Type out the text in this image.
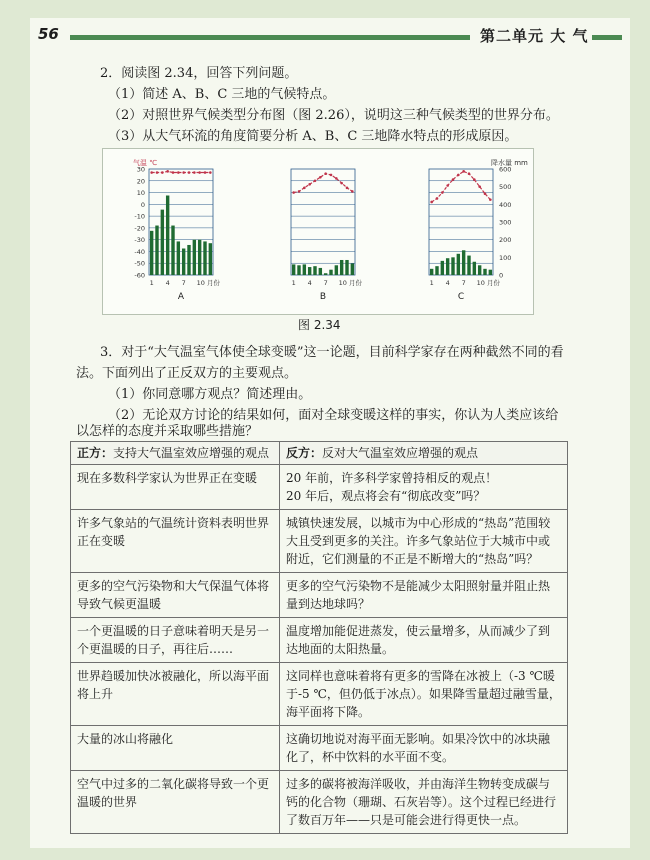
56	第二单元 大 气
2．阅读图 2.34，回答下列问题。
（1）简述 A、B、C 三地的气候特点。
（2）对照世界气候类型分布图（图 2.26），说明这三种气候类型的世界分布。
（3）从大气环流的角度简要分析 A、B、C 三地降水特点的形成原因。
气温 ℃	降水量 mm
30
20
10
0
-10
-20
-30
-40
-50
-60
600
500
400
300
200
100
0
1 4 7 10 月份
A
1 4 7 10 月份
B
1 4 7 10 月份
C
图 2.34
3．对于“大气温室气体使全球变暖”这一论题，目前科学家存在两种截然不同的看
法。下面列出了正反双方的主要观点。
（1）你同意哪方观点？简述理由。
（2）无论双方讨论的结果如何，面对全球变暖这样的事实，你认为人类应该给
以怎样的态度并采取哪些措施？
正方：支持大气温室效应增强的观点	反方：反对大气温室效应增强的观点
现在多数科学家认为世界正在变暖	20 年前，许多科学家曾持相反的观点！
20 年后，观点将会有“彻底改变”吗？
许多气象站的气温统计资料表明世界正在变暖	城镇快速发展，以城市为中心形成的“热岛”范围较大且受到更多的关注。许多气象站位于大城市中或附近，它们测量的不正是不断增大的“热岛”吗？
更多的空气污染物和大气保温气体将导致气候更温暖	更多的空气污染物不是能减少太阳照射量并阻止热量到达地球吗？
一个更温暖的日子意味着明天是另一个更温暖的日子，再往后……	温度增加能促进蒸发，使云量增多，从而减少了到达地面的太阳热量。
世界趋暖加快冰被融化，所以海平面将上升	这同样也意味着将有更多的雪降在冰被上（-3 ℃暖于-5 ℃，但仍低于冰点）。如果降雪量超过融雪量，海平面将下降。
大量的冰山将融化	这确切地说对海平面无影响。如果冷饮中的冰块融化了，杯中饮料的水平面不变。
空气中过多的二氧化碳将导致一个更温暖的世界	过多的碳将被海洋吸收，并由海洋生物转变成碳与钙的化合物（珊瑚、石灰岩等）。这个过程已经进行了数百万年——只是可能会进行得更快一点。
